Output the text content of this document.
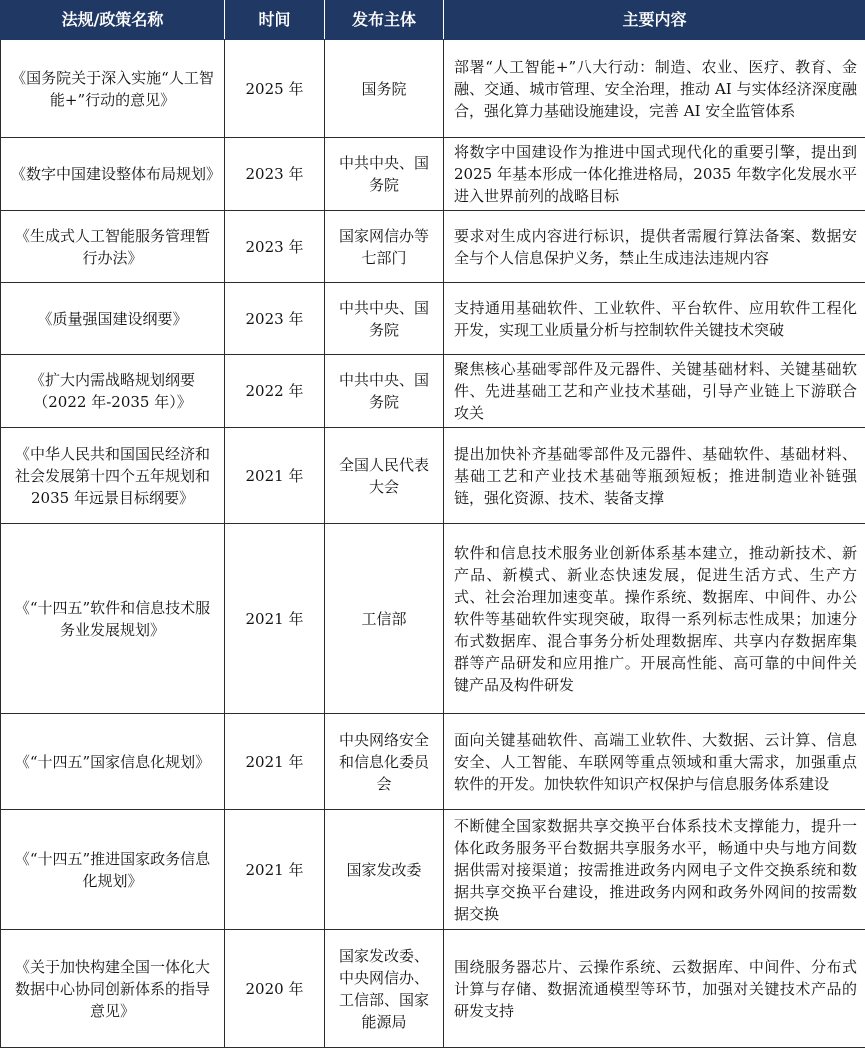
法规/政策名称	时间	发布主体	主要内容
《国务院关于深入实施“人工智能+”行动的意见》	2025 年	国务院	部署“人工智能+”八大行动：制造、农业、医疗、教育、金融、交通、城市管理、安全治理，推动 AI 与实体经济深度融合，强化算力基础设施建设，完善 AI 安全监管体系
《数字中国建设整体布局规划》	2023 年	中共中央、国务院	将数字中国建设作为推进中国式现代化的重要引擎，提出到 2025 年基本形成一体化推进格局，2035 年数字化发展水平进入世界前列的战略目标
《生成式人工智能服务管理暂行办法》	2023 年	国家网信办等七部门	要求对生成内容进行标识，提供者需履行算法备案、数据安全与个人信息保护义务，禁止生成违法违规内容
《质量强国建设纲要》	2023 年	中共中央、国务院	支持通用基础软件、工业软件、平台软件、应用软件工程化开发，实现工业质量分析与控制软件关键技术突破
《扩大内需战略规划纲要（2022 年-2035 年）》	2022 年	中共中央、国务院	聚焦核心基础零部件及元器件、关键基础材料、关键基础软件、先进基础工艺和产业技术基础，引导产业链上下游联合攻关
《中华人民共和国国民经济和社会发展第十四个五年规划和 2035 年远景目标纲要》	2021 年	全国人民代表大会	提出加快补齐基础零部件及元器件、基础软件、基础材料、基础工艺和产业技术基础等瓶颈短板；推进制造业补链强链，强化资源、技术、装备支撑
《“十四五”软件和信息技术服务业发展规划》	2021 年	工信部	软件和信息技术服务业创新体系基本建立，推动新技术、新产品、新模式、新业态快速发展，促进生活方式、生产方式、社会治理加速变革。操作系统、数据库、中间件、办公软件等基础软件实现突破，取得一系列标志性成果；加速分布式数据库、混合事务分析处理数据库、共享内存数据库集群等产品研发和应用推广。开展高性能、高可靠的中间件关键产品及构件研发
《“十四五”国家信息化规划》	2021 年	中央网络安全和信息化委员会	面向关键基础软件、高端工业软件、大数据、云计算、信息安全、人工智能、车联网等重点领域和重大需求，加强重点软件的开发。加快软件知识产权保护与信息服务体系建设
《“十四五”推进国家政务信息化规划》	2021 年	国家发改委	不断健全国家数据共享交换平台体系技术支撑能力，提升一体化政务服务平台数据共享服务水平，畅通中央与地方间数据供需对接渠道；按需推进政务内网电子文件交换系统和数据共享交换平台建设，推进政务内网和政务外网间的按需数据交换
《关于加快构建全国一体化大数据中心协同创新体系的指导意见》	2020 年	国家发改委、中央网信办、工信部、国家能源局	围绕服务器芯片、云操作系统、云数据库、中间件、分布式计算与存储、数据流通模型等环节，加强对关键技术产品的研发支持
